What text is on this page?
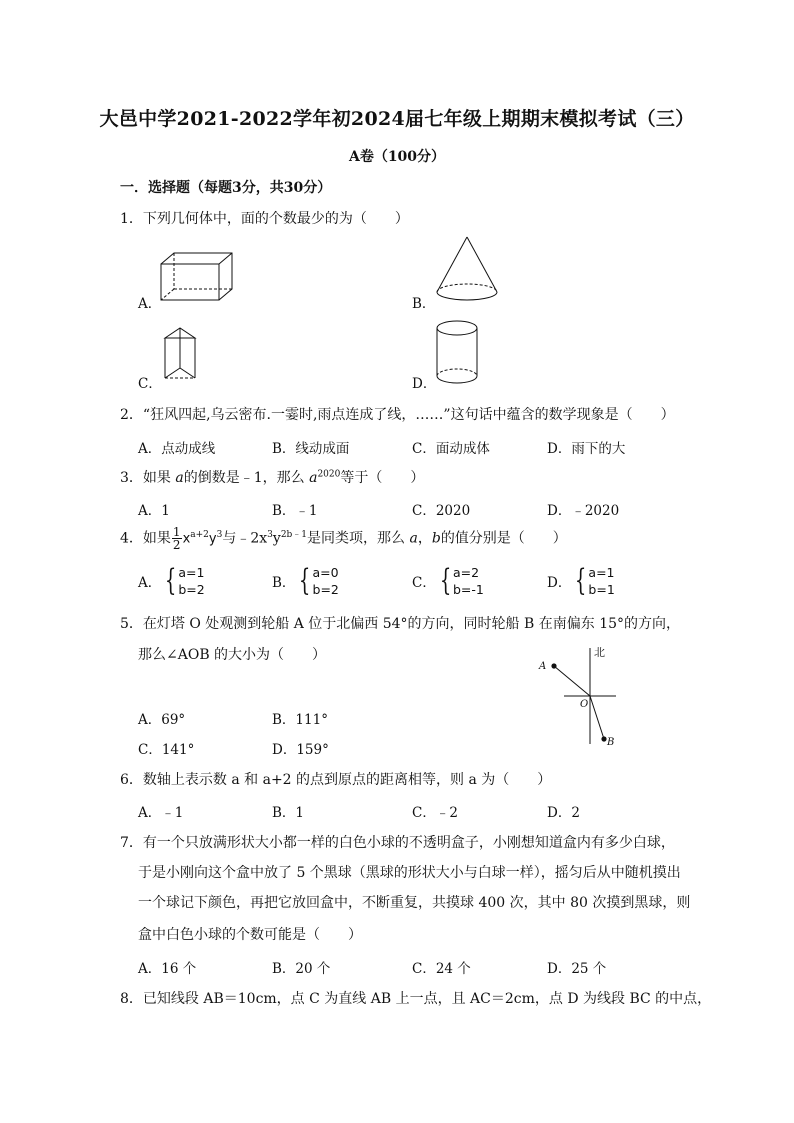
大邑中学2021-2022学年初2024届七年级上期期末模拟考试（三）
A卷（100分）
一．选择题（每题3分，共30分）
1．下列几何体中，面的个数最少的为（　　）
A．	B．
C．	D．
2．“狂风四起,乌云密布.一霎时,雨点连成了线，……”这句话中蕴含的数学现象是（　　）
A．点动成线	B．线动成面	C．面动成体	D．雨下的大
3．如果 a的倒数是﹣1，那么 $a^{2020}$等于（　　）
A．1	B．﹣1	C．2020	D．﹣2020
4．如果 $\frac{1}{2} x^{a+2}y^3$与$﹣2x^3y^{2b﹣1}$是同类项，那么 a，b的值分别是（　　）
A． { a=1
b=2	B． { a=0
b=2	C． { a=2
b=-1	D． { a=1
b=1
5．在灯塔 O 处观测到轮船 A 位于北偏西 54°的方向，同时轮船 B 在南偏东 15°的方向，
那么∠AOB 的大小为（　　）
A．69°	B．111°
C．141°	D．159°
北
A
O
B
6．数轴上表示数 a 和 a+2 的点到原点的距离相等，则 a 为（　　）
A．﹣1	B．1	C．﹣2	D．2
7．有一个只放满形状大小都一样的白色小球的不透明盒子，小刚想知道盒内有多少白球，
于是小刚向这个盒中放了 5 个黑球（黑球的形状大小与白球一样），摇匀后从中随机摸出
一个球记下颜色，再把它放回盒中，不断重复，共摸球 400 次，其中 80 次摸到黑球，则
盒中白色小球的个数可能是（　　）
A．16 个	B．20 个	C．24 个	D．25 个
8．已知线段 AB＝10cm，点 C 为直线 AB 上一点，且 AC＝2cm，点 D 为线段 BC 的中点，
